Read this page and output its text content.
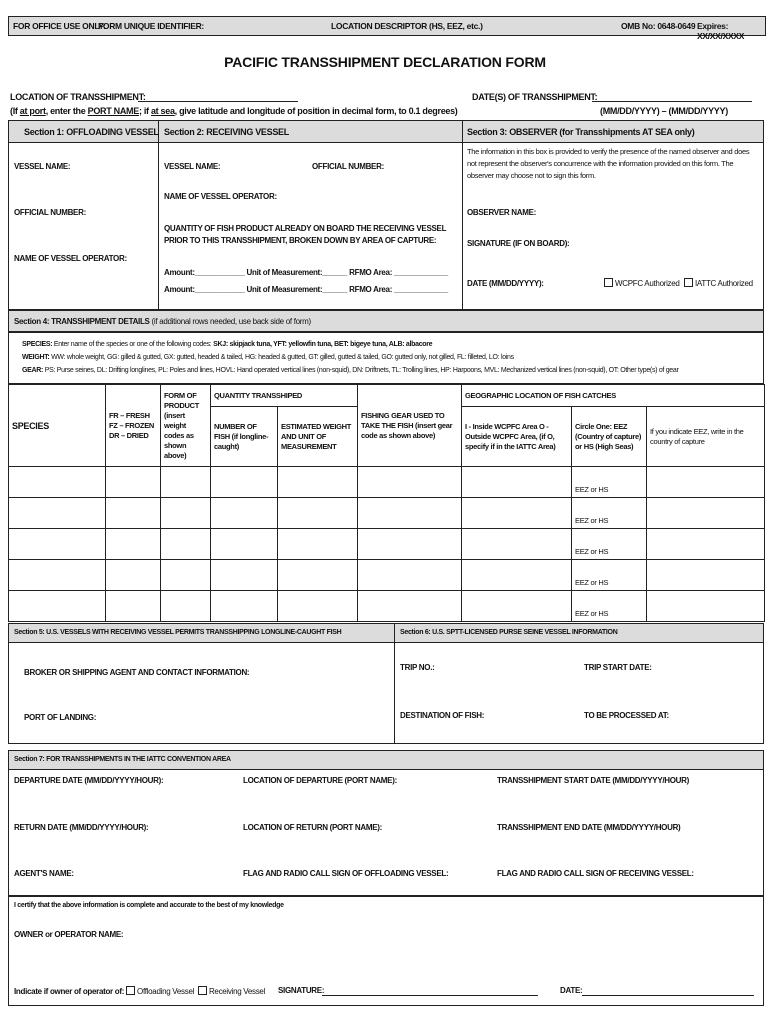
FOR OFFICE USE ONLY:
FORM UNIQUE IDENTIFIER:	LOCATION DESCRIPTOR (HS, EEZ, etc.)	OMB No: 0648-0649 Expires: XX/XX/XXXX
PACIFIC TRANSSHIPMENT DECLARATION FORM
LOCATION OF TRANSSHIPMENT:
(If at port, enter the PORT NAME; if at sea, give latitude and longitude of position in decimal form, to 0.1 degrees)
DATE(S) OF TRANSSHIPMENT:
(MM/DD/YYYY) – (MM/DD/YYYY)
Section 1: OFFLOADING VESSEL Section 2: RECEIVING VESSEL	Section 3: OBSERVER (for Transshipments AT SEA only)
VESSEL NAME:
OFFICIAL NUMBER:
NAME OF VESSEL OPERATOR:
VESSEL NAME:	OFFICIAL NUMBER:
NAME OF VESSEL OPERATOR:
QUANTITY OF FISH PRODUCT ALREADY ON BOARD THE RECEIVING VESSEL PRIOR TO THIS TRANSSHIPMENT, BROKEN DOWN BY AREA OF CAPTURE:
Amount:____________ Unit of Measurement:______ RFMO Area: _____________
Amount:____________ Unit of Measurement:______ RFMO Area: _____________
The information in this box is provided to verify the presence of the named observer and does not represent the observer's concurrence with the information provided on this form. The observer may choose not to sign this form.
OBSERVER NAME:
SIGNATURE (IF ON BOARD):
DATE (MM/DD/YYYY):	WCPFC Authorized	IATTC Authorized
Section 4: TRANSSHIPMENT DETAILS (if additional rows needed, use back side of form)
SPECIES: Enter name of the species or one of the following codes: SKJ: skipjack tuna, YFT: yellowfin tuna, BET: bigeye tuna, ALB: albacore
WEIGHT: WW: whole weight, GG: gilled & gutted, GX: gutted, headed & tailed, HG: headed & gutted, GT: gilled, gutted & tailed, GO: gutted only, not gilled, FL: filleted, LO: loins
GEAR: PS: Purse seines, DL: Drifting longlines, PL: Poles and lines, HOVL: Hand operated vertical lines (non-squid), DN: Driftnets, TL: Trolling lines, HP: Harpoons, MVL: Mechanized vertical lines (non-squid), OT: Other type(s) of gear
SPECIES	FR – FRESH FZ – FROZEN DR – DRIED	FORM OF PRODUCT (insert weight codes as shown above)	QUANTITY TRANSSHIPED		FISHING GEAR USED TO TAKE THE FISH (insert gear code as shown above)	GEOGRAPHIC LOCATION OF FISH CATCHES		
			NUMBER OF FISH (if longline-caught)	ESTIMATED WEIGHT AND UNIT OF MEASUREMENT		I - Inside WCPFC Area O - Outside WCPFC Area, (if O, specify if in the IATTC Area)	Circle One: EEZ (Country of capture) or HS (High Seas)	If you indicate EEZ, write in the country of capture
							EEZ or HS	
							EEZ or HS	
							EEZ or HS	
							EEZ or HS	
							EEZ or HS	
Section 5: U.S. VESSELS WITH RECEIVING VESSEL PERMITS TRANSSHIPPING LONGLINE-CAUGHT FISH	Section 6: U.S. SPTT-LICENSED PURSE SEINE VESSEL INFORMATION
BROKER OR SHIPPING AGENT AND CONTACT INFORMATION:
PORT OF LANDING:
TRIP NO.:	TRIP START DATE:
DESTINATION OF FISH:	TO BE PROCESSED AT:
Section 7: FOR TRANSSHIPMENTS IN THE IATTC CONVENTION AREA
DEPARTURE DATE (MM/DD/YYYY/HOUR):	LOCATION OF DEPARTURE (PORT NAME):	TRANSSHIPMENT START DATE (MM/DD/YYYY/HOUR)
RETURN DATE (MM/DD/YYYY/HOUR):	LOCATION OF RETURN (PORT NAME):	TRANSSHIPMENT END DATE (MM/DD/YYYY/HOUR)
AGENT'S NAME:	FLAG AND RADIO CALL SIGN OF OFFLOADING VESSEL:	FLAG AND RADIO CALL SIGN OF RECEIVING VESSEL:
I certify that the above information is complete and accurate to the best of my knowledge
OWNER or OPERATOR NAME:
Indicate if owner of operator of: Offloading Vessel Receiving Vessel SIGNATURE:	DATE:
